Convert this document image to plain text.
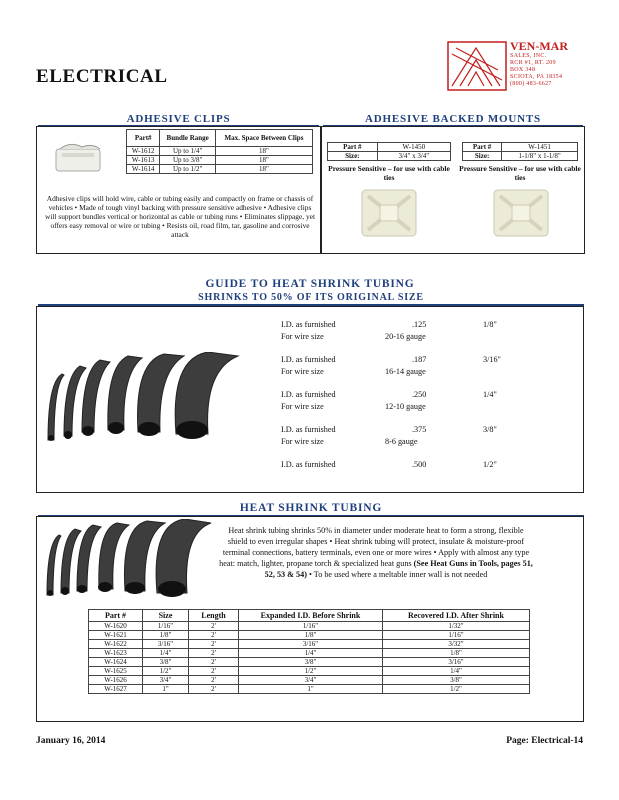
VEN-MAR
SALES, INC.
RCR #1, RT. 209
BOX 348
SCIOTA, PA 18354
(800) 483-6627
ELECTRICAL
ADHESIVE CLIPS
Part#	Bundle Range	Max. Space Between Clips
W-1612	Up to 1/4"	18"
W-1613	Up to 3/8"	18"
W-1614	Up to 1/2"	18"

Adhesive clips will hold wire, cable or tubing easily and compactly on frame or chassis of vehicles • Made of tough vinyl backing with pressure sensitive adhesive • Adhesive clips will support bundles vertical or horizontal as cable or tubing runs • Eliminates slippage, yet offers easy removal or wire or tubing • Resists oil, road film, tar, gasoline and corrosive attack

ADHESIVE BACKED MOUNTS
Part #	W-1450
Size:	3/4" x 3/4"
Pressure Sensitive – for use with cable ties
Part #	W-1451
Size:	1-1/8" x 1-1/8"
Pressure Sensitive – for use with cable ties
GUIDE TO HEAT SHRINK TUBING
SHRINKS TO 50% OF ITS ORIGINAL SIZE
I.D. as furnished	.125	1/8"
For wire size	20-16 gauge
I.D. as furnished	.187	3/16"
For wire size	16-14 gauge
I.D. as furnished	.250	1/4"
For wire size	12-10 gauge
I.D. as furnished	.375	3/8"
For wire size	8-6 gauge
I.D. as furnished	.500	1/2"
HEAT SHRINK TUBING

Heat shrink tubing shrinks 50% in diameter under moderate heat to form a strong, flexible shield to even irregular shapes • Heat shrink tubing will protect, insulate & moisture-proof terminal connections, battery terminals, even one or more wires • Apply with almost any type heat: match, lighter, propane torch & specialized heat guns (See Heat Guns in Tools, pages 51, 52, 53 & 54) • To be used where a meltable inner wall is not needed

Part #	Size	Length	Expanded I.D. Before Shrink	Recovered I.D. After Shrink
W-1620	1/16"	2'	1/16"	1/32"
W-1621	1/8"	2'	1/8"	1/16"
W-1622	3/16"	2'	3/16"	3/32"
W-1623	1/4"	2'	1/4"	1/8"
W-1624	3/8"	2'	3/8"	3/16"
W-1625	1/2"	2'	1/2"	1/4"
W-1626	3/4"	2'	3/4"	3/8"
W-1627	1"	2'	1"	1/2"
January 16, 2014	Page: Electrical-14
